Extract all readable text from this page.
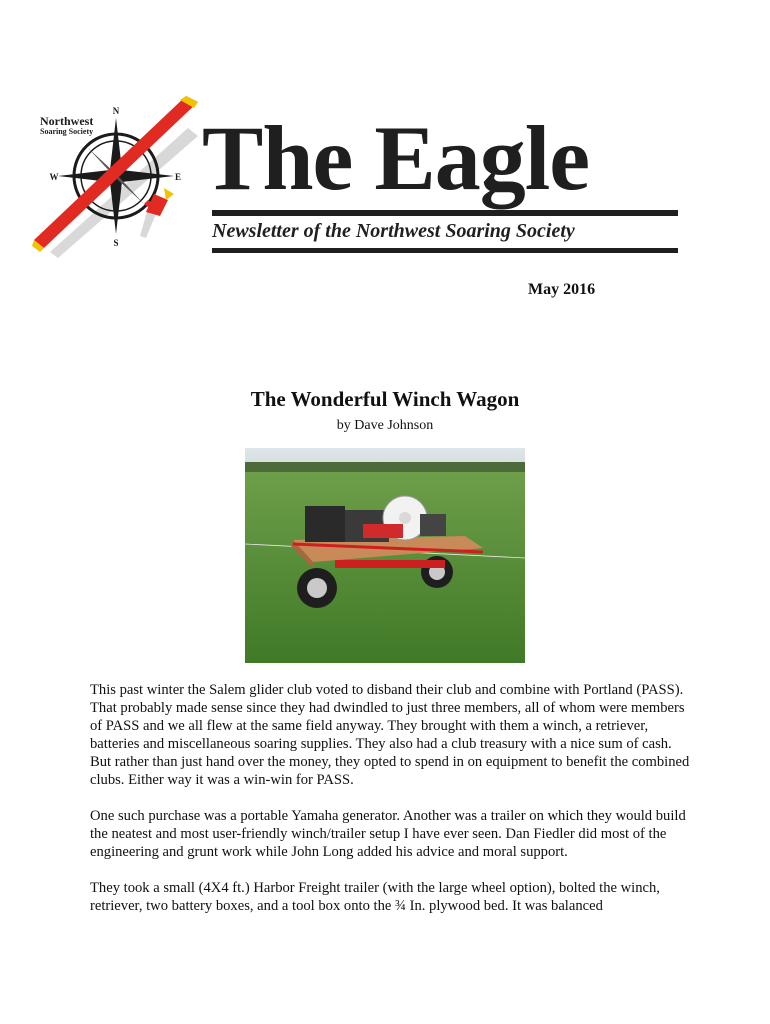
N
S
E
W
Northwest
Soaring Society The Eagle
Newsletter of the Northwest Soaring Society
May 2016
The Wonderful Winch Wagon

by Dave Johnson

This past winter the Salem glider club voted to disband their club and combine with Portland (PASS). That probably made sense since they had dwindled to just three members, all of whom were members of PASS and we all flew at the same field anyway. They brought with them a winch, a retriever, batteries and miscellaneous soaring supplies. They also had a club treasury with a nice sum of cash. But rather than just hand over the money, they opted to spend in on equipment to benefit the combined clubs. Either way it was a win-win for PASS.

One such purchase was a portable Yamaha generator. Another was a trailer on which they would build the neatest and most user-friendly winch/trailer setup I have ever seen. Dan Fiedler did most of the engineering and grunt work while John Long added his advice and moral support.

They took a small (4X4 ft.) Harbor Freight trailer (with the large wheel option), bolted the winch, retriever, two battery boxes, and a tool box onto the ¾ In. plywood bed. It was balanced
